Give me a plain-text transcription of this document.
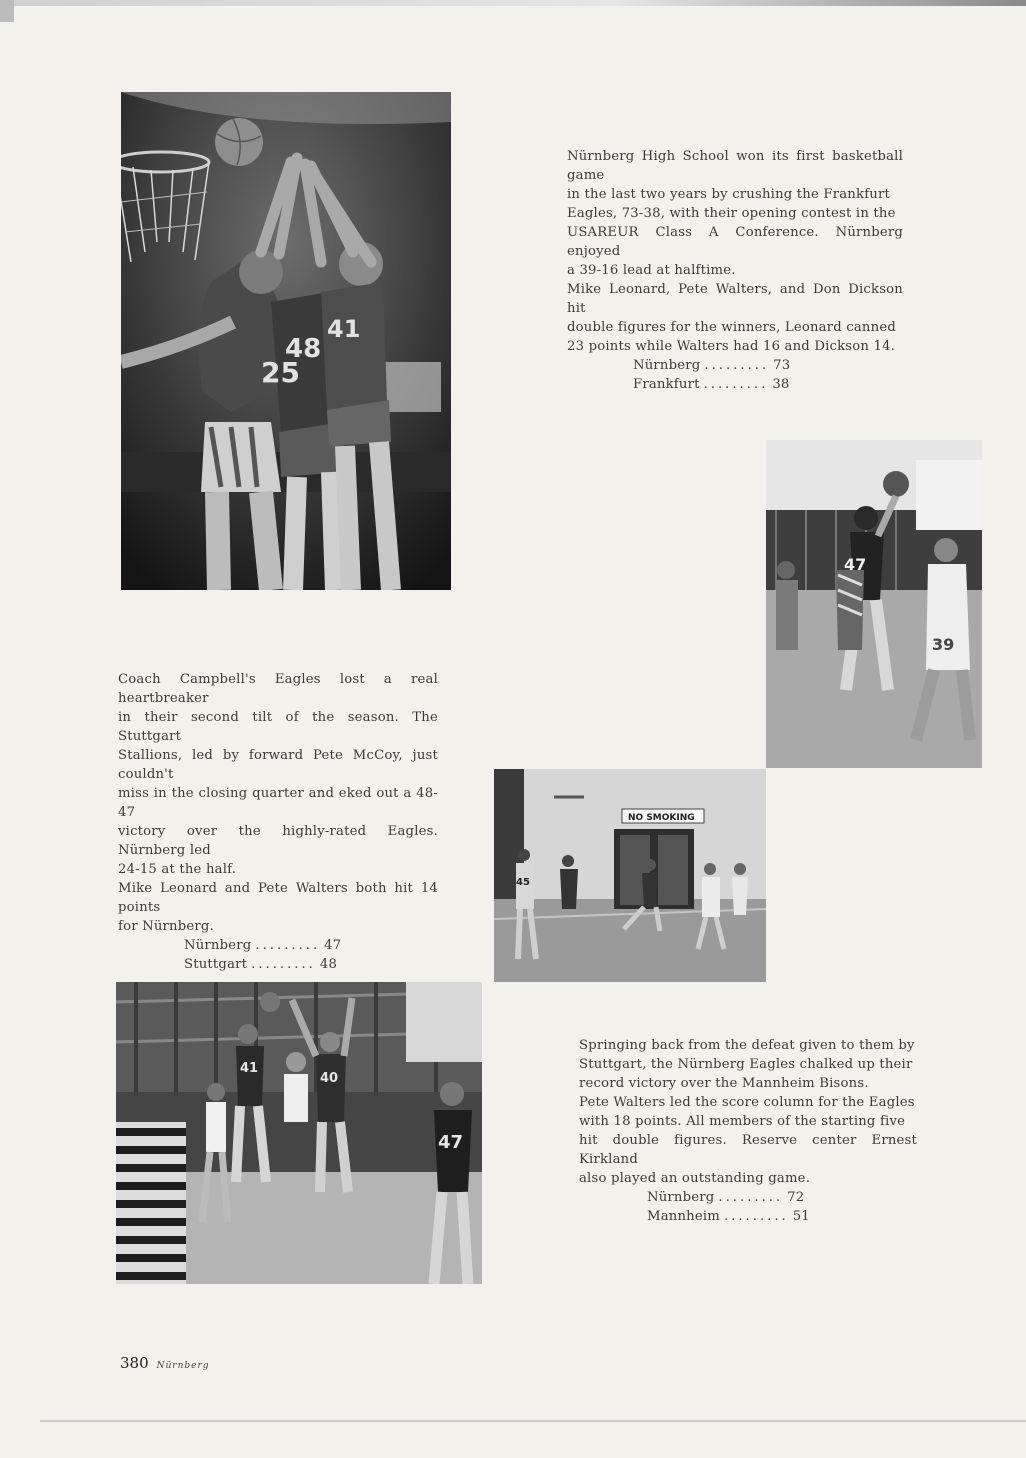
25
48
41

Nürnberg High School won its first basketball game

in the last two years by crushing the Frankfurt

Eagles, 73-38, with their opening contest in the

USAREUR Class A Conference. Nürnberg enjoyed

a 39-16 lead at halftime.

Mike Leonard, Pete Walters, and Don Dickson hit

double figures for the winners, Leonard canned

23 points while Walters had 16 and Dickson 14.

Nürnberg ......... 73
Frankfurt ......... 38
47
39

Coach Campbell's Eagles lost a real heartbreaker

in their second tilt of the season. The Stuttgart

Stallions, led by forward Pete McCoy, just couldn't

miss in the closing quarter and eked out a 48-47

victory over the highly-rated Eagles. Nürnberg led

24-15 at the half.

Mike Leonard and Pete Walters both hit 14 points

for Nürnberg.

Nürnberg ......... 47
Stuttgart ......... 48
NO SMOKING
45
41
40
47

Springing back from the defeat given to them by

Stuttgart, the Nürnberg Eagles chalked up their

record victory over the Mannheim Bisons.

Pete Walters led the score column for the Eagles

with 18 points. All members of the starting five

hit double figures. Reserve center Ernest Kirkland

also played an outstanding game.

Nürnberg ......... 72
Mannheim ......... 51
380 Nürnberg
